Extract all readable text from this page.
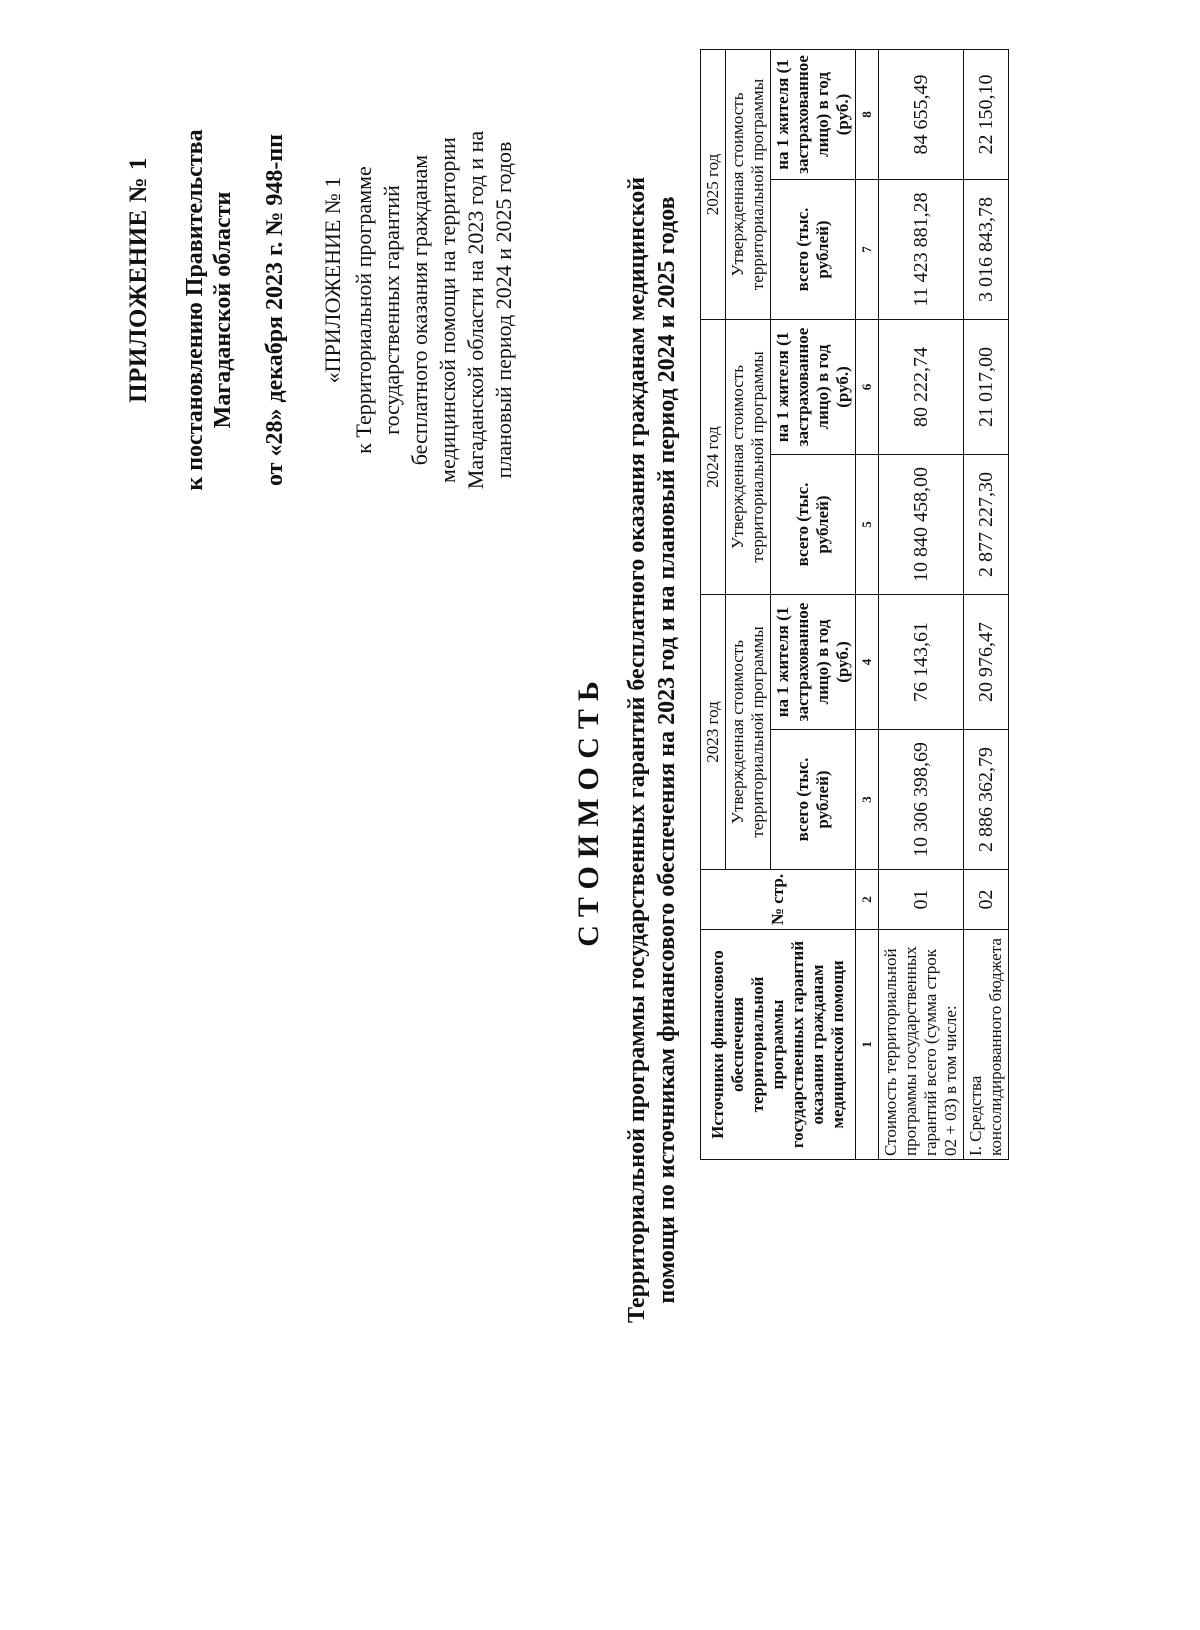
ПРИЛОЖЕНИЕ № 1 к постановлению Правительства Магаданской области от «28» декабря 2023 г. № 948-пп «ПРИЛОЖЕНИЕ № 1 к Территориальной программе государственных гарантий бесплатного оказания гражданам медицинской помощи на территории Магаданской области на 2023 год и на плановый период 2024 и 2025 годов
СТОИМОСТЬ Территориальной программы государственных гарантий бесплатного оказания гражданам медицинской помощи по источникам финансового обеспечения на 2023 год и на плановый период 2024 и 2025 годов Источники финансового обеспечения территориальной программы государственных гарантий оказания гражданам медицинской помощи	№ стр.	2023 год		2024 год		2025 год	
		Утвержденная стоимость территориальной программы		Утвержденная стоимость территориальной программы		Утвержденная стоимость территориальной программы	
		всего (тыс. рублей)	на 1 жителя (1 застрахованное лицо) в год (руб.)	всего (тыс. рублей)	на 1 жителя (1 застрахованное лицо) в год (руб.)	всего (тыс. рублей)	на 1 жителя (1 застрахованное лицо) в год (руб.)
1	2	3	4	5	6	7	8
Стоимость территориальной программы государственных гарантий всего (сумма строк 02 + 03) в том числе:	01	10 306 398,69	76 143,61	10 840 458,00	80 222,74	11 423 881,28	84 655,49
I. Средства консолидированного бюджета	02	2 886 362,79	20 976,47	2 877 227,30	21 017,00	3 016 843,78	22 150,10
